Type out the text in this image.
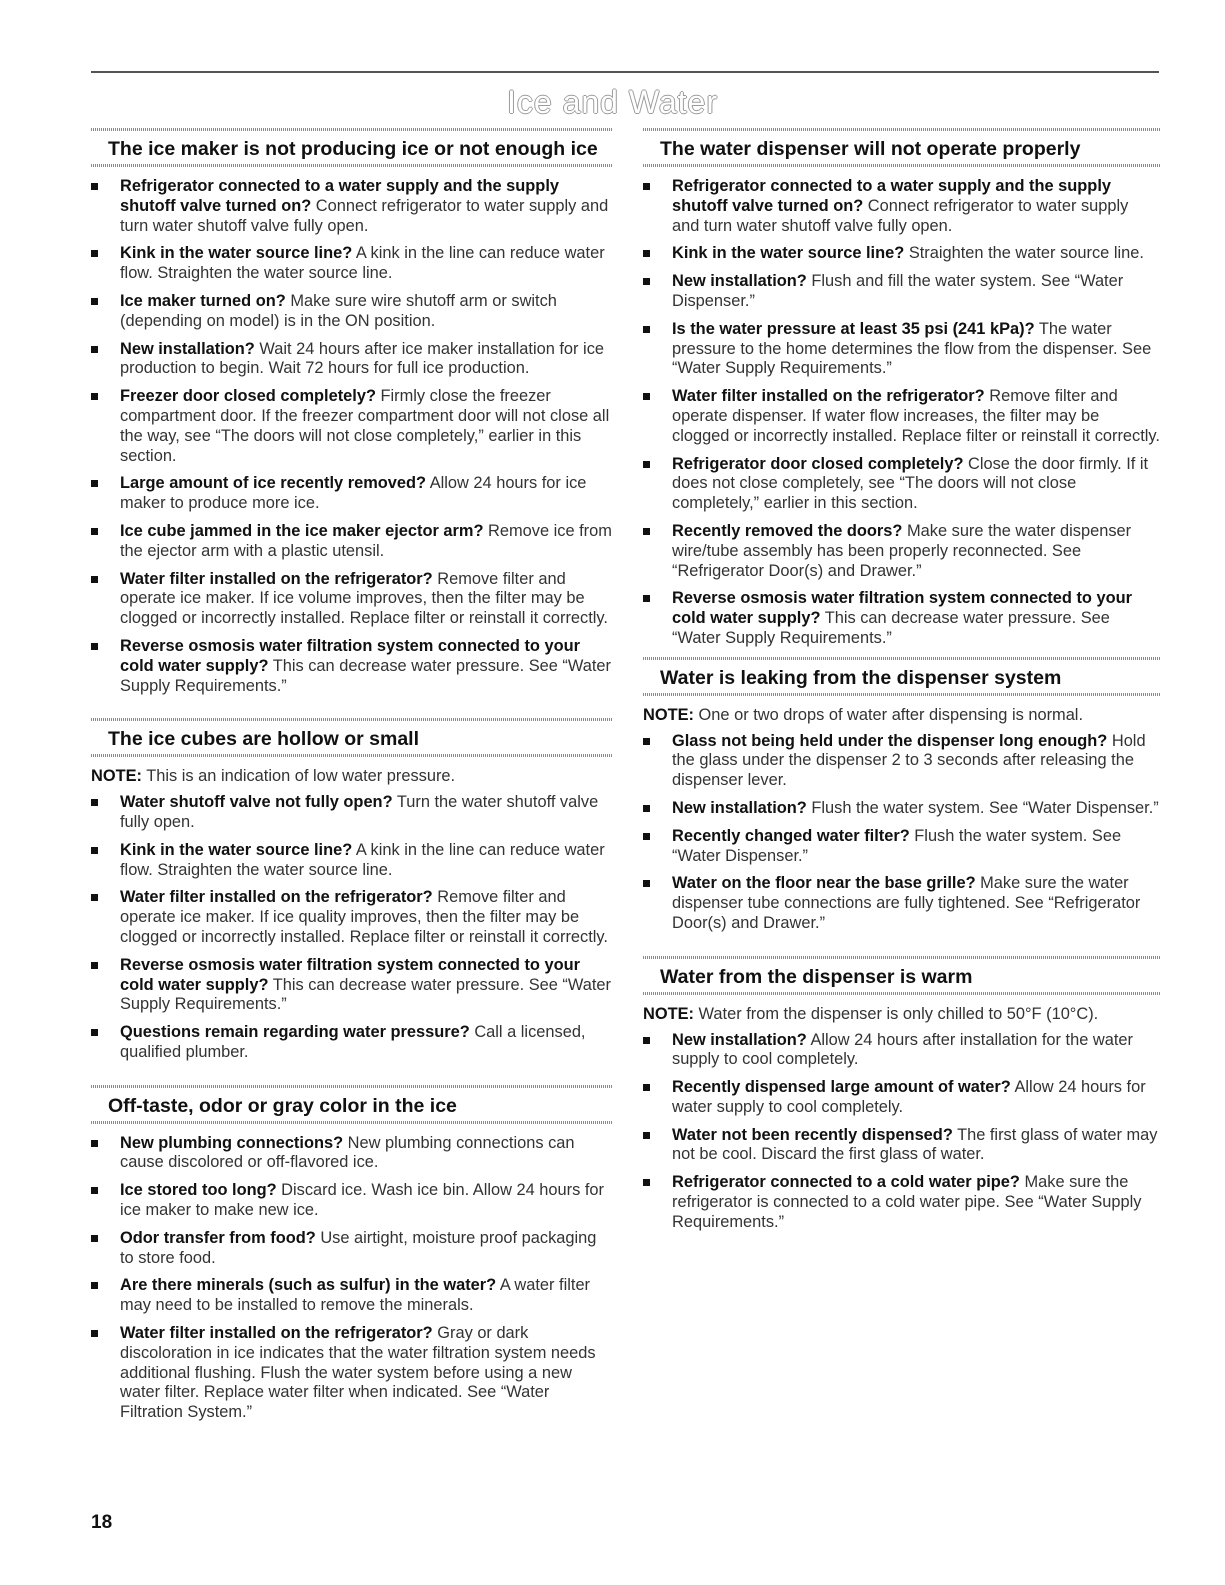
Ice and Water
The ice maker is not producing ice or not enough ice
Refrigerator connected to a water supply and the supply shutoff valve turned on? Connect refrigerator to water supply and turn water shutoff valve fully open.
Kink in the water source line? A kink in the line can reduce water flow. Straighten the water source line.
Ice maker turned on? Make sure wire shutoff arm or switch (depending on model) is in the ON position.
New installation? Wait 24 hours after ice maker installation for ice production to begin. Wait 72 hours for full ice production.
Freezer door closed completely? Firmly close the freezer compartment door. If the freezer compartment door will not close all the way, see “The doors will not close completely,” earlier in this section.
Large amount of ice recently removed? Allow 24 hours for ice maker to produce more ice.
Ice cube jammed in the ice maker ejector arm? Remove ice from the ejector arm with a plastic utensil.
Water filter installed on the refrigerator? Remove filter and operate ice maker. If ice volume improves, then the filter may be clogged or incorrectly installed. Replace filter or reinstall it correctly.
Reverse osmosis water filtration system connected to your cold water supply? This can decrease water pressure. See “Water Supply Requirements.”
The ice cubes are hollow or small

NOTE: This is an indication of low water pressure.

Water shutoff valve not fully open? Turn the water shutoff valve fully open.
Kink in the water source line? A kink in the line can reduce water flow. Straighten the water source line.
Water filter installed on the refrigerator? Remove filter and operate ice maker. If ice quality improves, then the filter may be clogged or incorrectly installed. Replace filter or reinstall it correctly.
Reverse osmosis water filtration system connected to your cold water supply? This can decrease water pressure. See “Water Supply Requirements.”
Questions remain regarding water pressure? Call a licensed, qualified plumber.
Off-taste, odor or gray color in the ice
New plumbing connections? New plumbing connections can cause discolored or off-flavored ice.
Ice stored too long? Discard ice. Wash ice bin. Allow 24 hours for ice maker to make new ice.
Odor transfer from food? Use airtight, moisture proof packaging to store food.
Are there minerals (such as sulfur) in the water? A water filter may need to be installed to remove the minerals.
Water filter installed on the refrigerator? Gray or dark discoloration in ice indicates that the water filtration system needs additional flushing. Flush the water system before using a new water filter. Replace water filter when indicated. See “Water Filtration System.”
The water dispenser will not operate properly
Refrigerator connected to a water supply and the supply shutoff valve turned on? Connect refrigerator to water supply and turn water shutoff valve fully open.
Kink in the water source line? Straighten the water source line.
New installation? Flush and fill the water system. See “Water Dispenser.”
Is the water pressure at least 35 psi (241 kPa)? The water pressure to the home determines the flow from the dispenser. See “Water Supply Requirements.”
Water filter installed on the refrigerator? Remove filter and operate dispenser. If water flow increases, the filter may be clogged or incorrectly installed. Replace filter or reinstall it correctly.
Refrigerator door closed completely? Close the door firmly. If it does not close completely, see “The doors will not close completely,” earlier in this section.
Recently removed the doors? Make sure the water dispenser wire/tube assembly has been properly reconnected. See “Refrigerator Door(s) and Drawer.”
Reverse osmosis water filtration system connected to your cold water supply? This can decrease water pressure. See “Water Supply Requirements.”
Water is leaking from the dispenser system

NOTE: One or two drops of water after dispensing is normal.

Glass not being held under the dispenser long enough? Hold the glass under the dispenser 2 to 3 seconds after releasing the dispenser lever.
New installation? Flush the water system. See “Water Dispenser.”
Recently changed water filter? Flush the water system. See “Water Dispenser.”
Water on the floor near the base grille? Make sure the water dispenser tube connections are fully tightened. See “Refrigerator Door(s) and Drawer.”
Water from the dispenser is warm

NOTE: Water from the dispenser is only chilled to 50°F (10°C).

New installation? Allow 24 hours after installation for the water supply to cool completely.
Recently dispensed large amount of water? Allow 24 hours for water supply to cool completely.
Water not been recently dispensed? The first glass of water may not be cool. Discard the first glass of water.
Refrigerator connected to a cold water pipe? Make sure the refrigerator is connected to a cold water pipe. See “Water Supply Requirements.”
18
